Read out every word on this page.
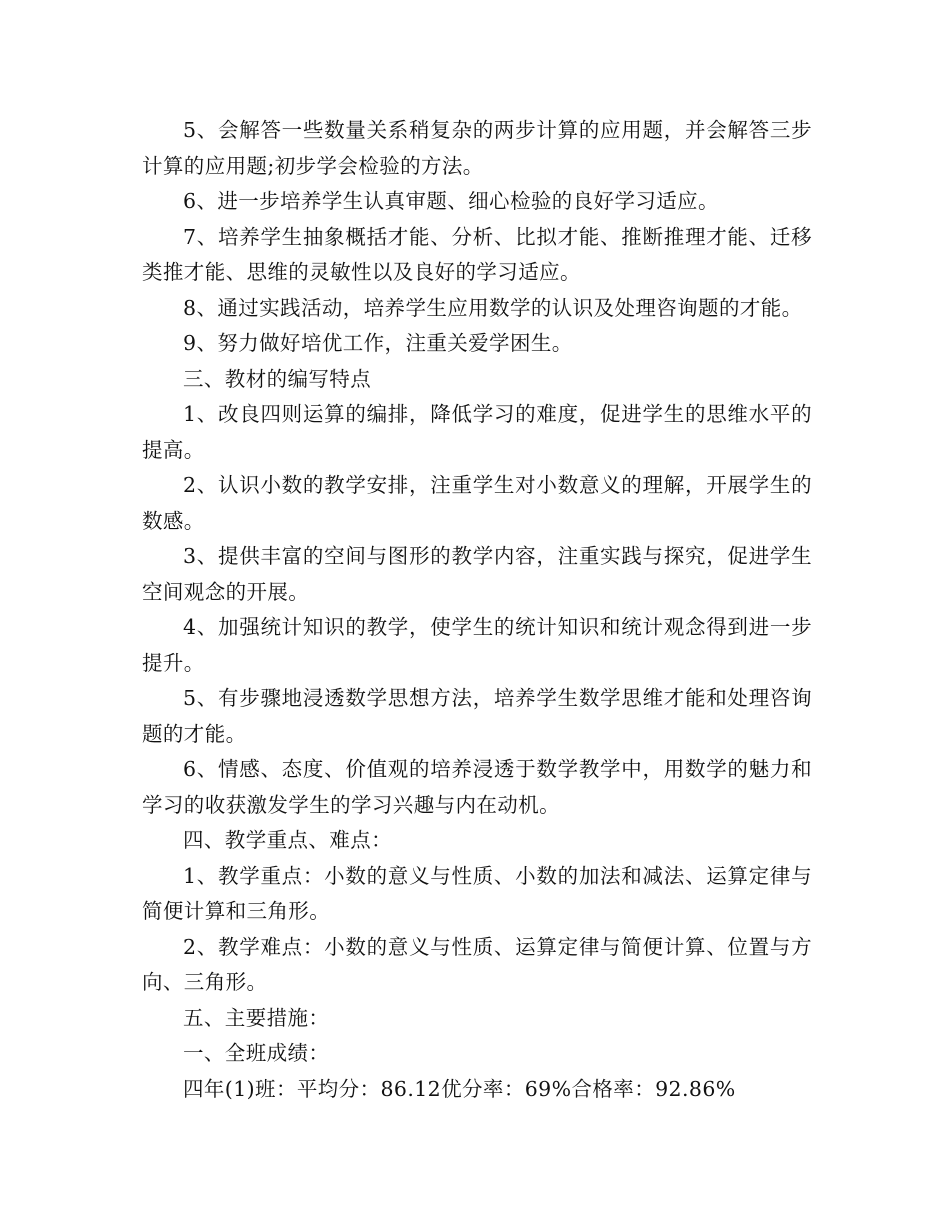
5、会解答一些数量关系稍复杂的两步计算的应用题，并会解答三步计算的应用题;初步学会检验的方法。

6、进一步培养学生认真审题、细心检验的良好学习适应。

7、培养学生抽象概括才能、分析、比拟才能、推断推理才能、迁移类推才能、思维的灵敏性以及良好的学习适应。

8、通过实践活动，培养学生应用数学的认识及处理咨询题的才能。

9、努力做好培优工作，注重关爱学困生。

三、教材的编写特点

1、改良四则运算的编排，降低学习的难度，促进学生的思维水平的提高。

2、认识小数的教学安排，注重学生对小数意义的理解，开展学生的数感。

3、提供丰富的空间与图形的教学内容，注重实践与探究，促进学生空间观念的开展。

4、加强统计知识的教学，使学生的统计知识和统计观念得到进一步提升。

5、有步骤地浸透数学思想方法，培养学生数学思维才能和处理咨询题的才能。

6、情感、态度、价值观的培养浸透于数学教学中，用数学的魅力和学习的收获激发学生的学习兴趣与内在动机。

四、教学重点、难点：

1、教学重点：小数的意义与性质、小数的加法和减法、运算定律与简便计算和三角形。

2、教学难点：小数的意义与性质、运算定律与简便计算、位置与方向、三角形。

五、主要措施：

一、全班成绩：

四年(1)班：平均分：86.12优分率：69%合格率：92.86%
